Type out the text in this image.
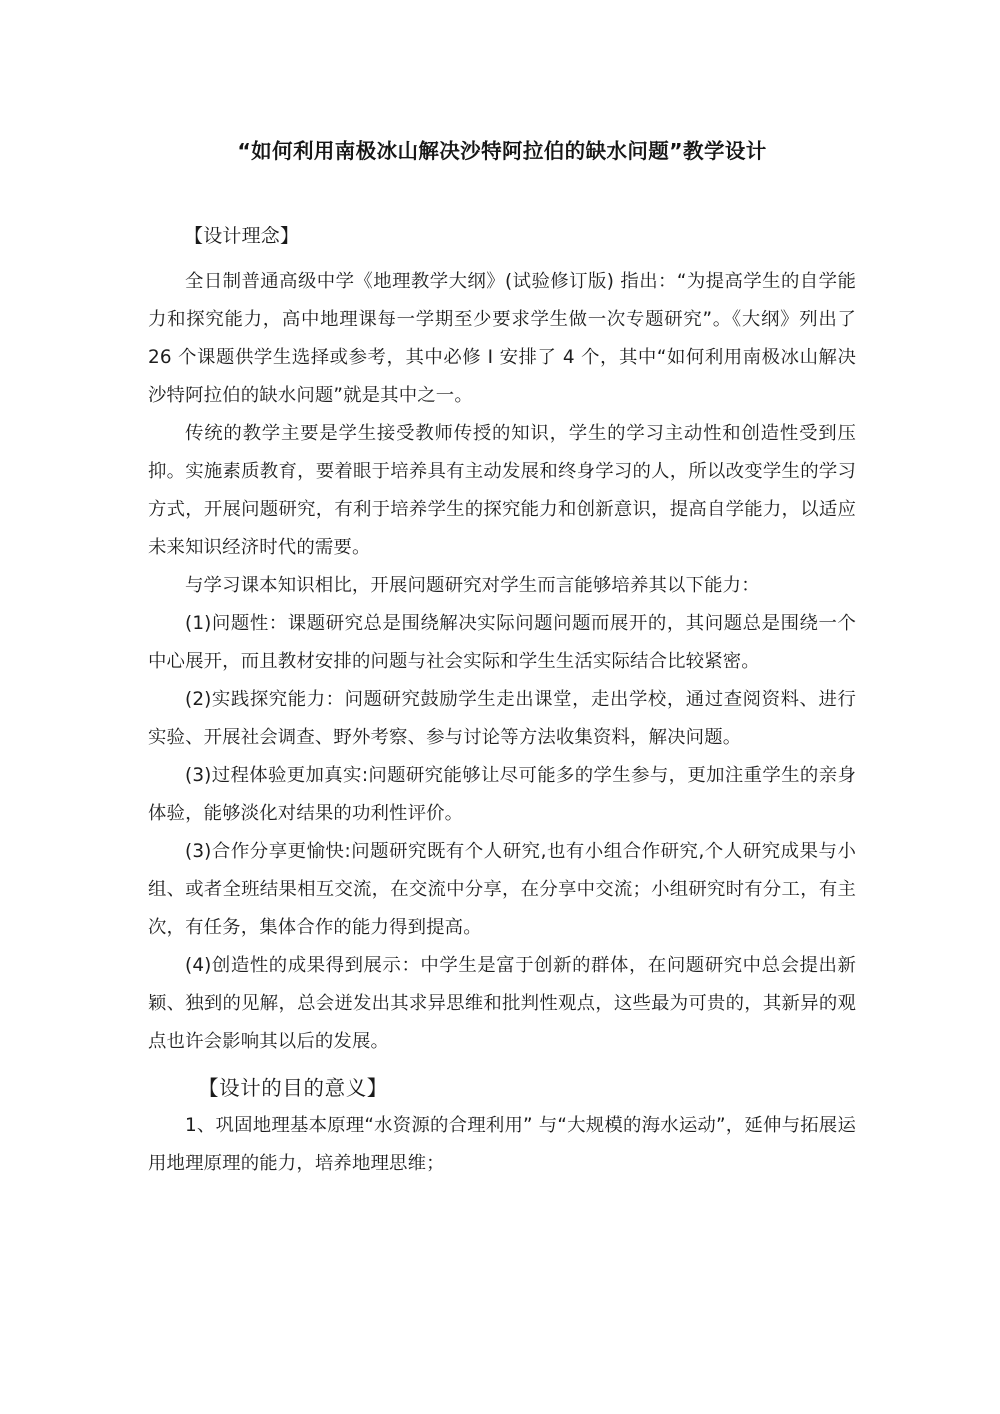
“如何利用南极冰山解决沙特阿拉伯的缺水问题”教学设计
【设计理念】

全日制普通高级中学《地理教学大纲》(试验修订版) 指出：“为提高学生的自学能力和探究能力，高中地理课每一学期至少要求学生做一次专题研究”。《大纲》列出了 26 个课题供学生选择或参考，其中必修 I 安排了 4 个，其中“如何利用南极冰山解决沙特阿拉伯的缺水问题”就是其中之一。

传统的教学主要是学生接受教师传授的知识，学生的学习主动性和创造性受到压抑。实施素质教育，要着眼于培养具有主动发展和终身学习的人，所以改变学生的学习方式，开展问题研究，有利于培养学生的探究能力和创新意识，提高自学能力，以适应未来知识经济时代的需要。

与学习课本知识相比，开展问题研究对学生而言能够培养其以下能力：

(1)问题性：课题研究总是围绕解决实际问题问题而展开的，其问题总是围绕一个中心展开，而且教材安排的问题与社会实际和学生生活实际结合比较紧密。

(2)实践探究能力：问题研究鼓励学生走出课堂，走出学校，通过查阅资料、进行实验、开展社会调查、野外考察、参与讨论等方法收集资料，解决问题。

(3)过程体验更加真实:问题研究能够让尽可能多的学生参与，更加注重学生的亲身体验，能够淡化对结果的功利性评价。

(3)合作分享更愉快:问题研究既有个人研究,也有小组合作研究,个人研究成果与小组、或者全班结果相互交流，在交流中分享，在分享中交流；小组研究时有分工，有主次，有任务，集体合作的能力得到提高。

(4)创造性的成果得到展示：中学生是富于创新的群体，在问题研究中总会提出新颖、独到的见解，总会迸发出其求异思维和批判性观点，这些最为可贵的，其新异的观点也许会影响其以后的发展。

【设计的目的意义】

1、巩固地理基本原理“水资源的合理利用” 与“大规模的海水运动”，延伸与拓展运用地理原理的能力，培养地理思维；
